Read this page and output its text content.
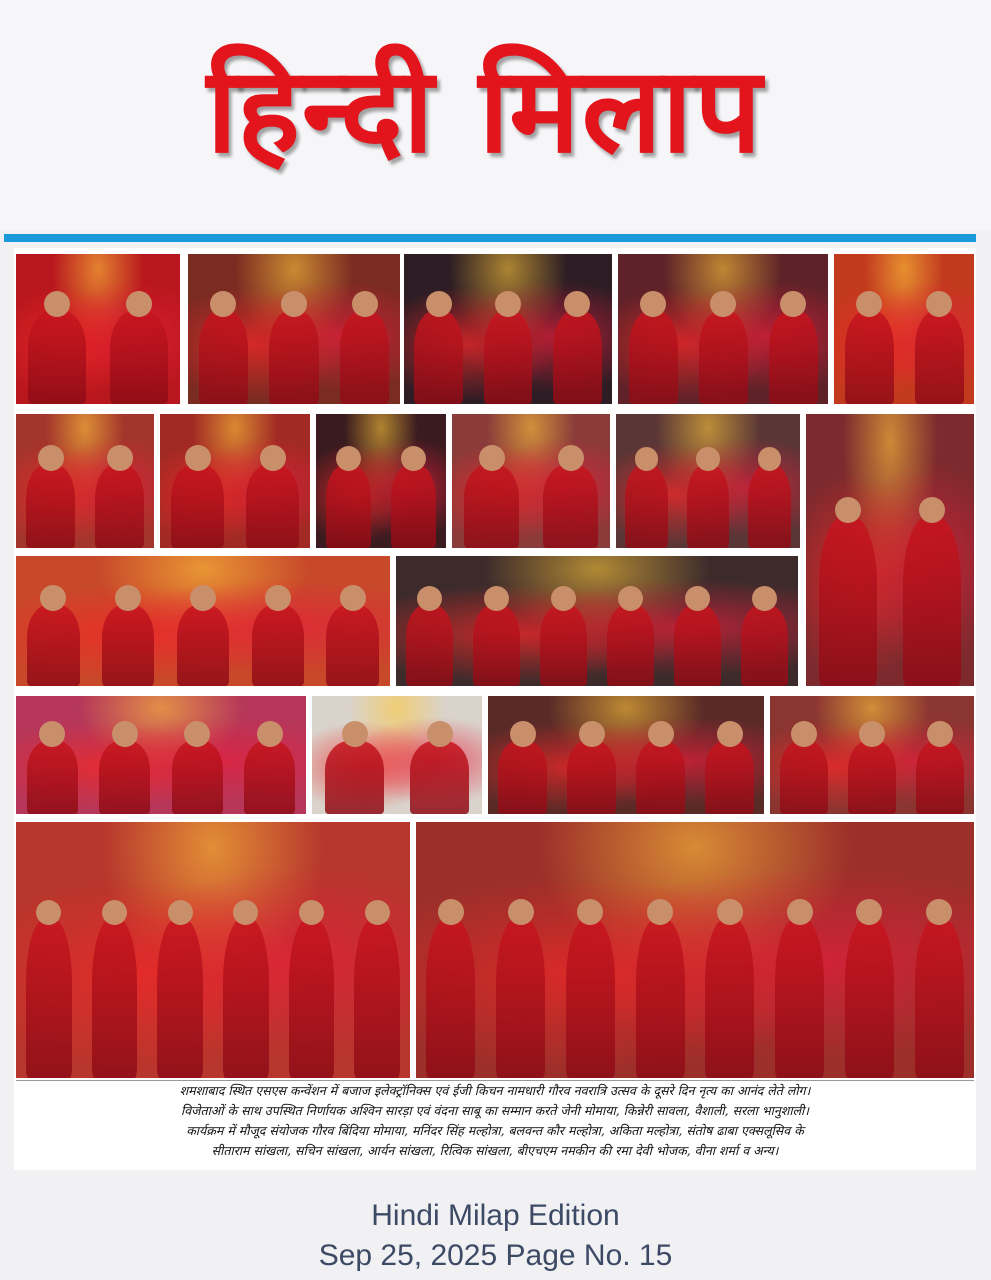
हिन्दी मिलाप
शमशाबाद स्थित एसएस कन्वेंशन में बजाज इलेक्ट्रॉनिक्स एवं ईजी किचन नामधारी गौरव नवरात्रि उत्सव के दूसरे दिन नृत्य का आनंद लेते लोग।
विजेताओं के साथ उपस्थित निर्णायक अश्विन सारड़ा एवं वंदना साबू का सम्मान करते जेनी मोमाया, किन्नेरी सावला, वैशाली, सरला भानुशाली।
कार्यक्रम में मौजूद संयोजक गौरव बिंदिया मोमाया, मनिंदर सिंह मल्होत्रा, बलवन्त कौर मल्होत्रा, अकिता मल्होत्रा, संतोष ढाबा एक्सलूसिव के
सीताराम सांखला, सचिन सांखला, आर्यन सांखला, रित्विक सांखला, बीएचएम नमकीन की रमा देवी भोजक, वीना शर्मा व अन्य।
Hindi Milap Edition
Sep 25, 2025 Page No. 15
